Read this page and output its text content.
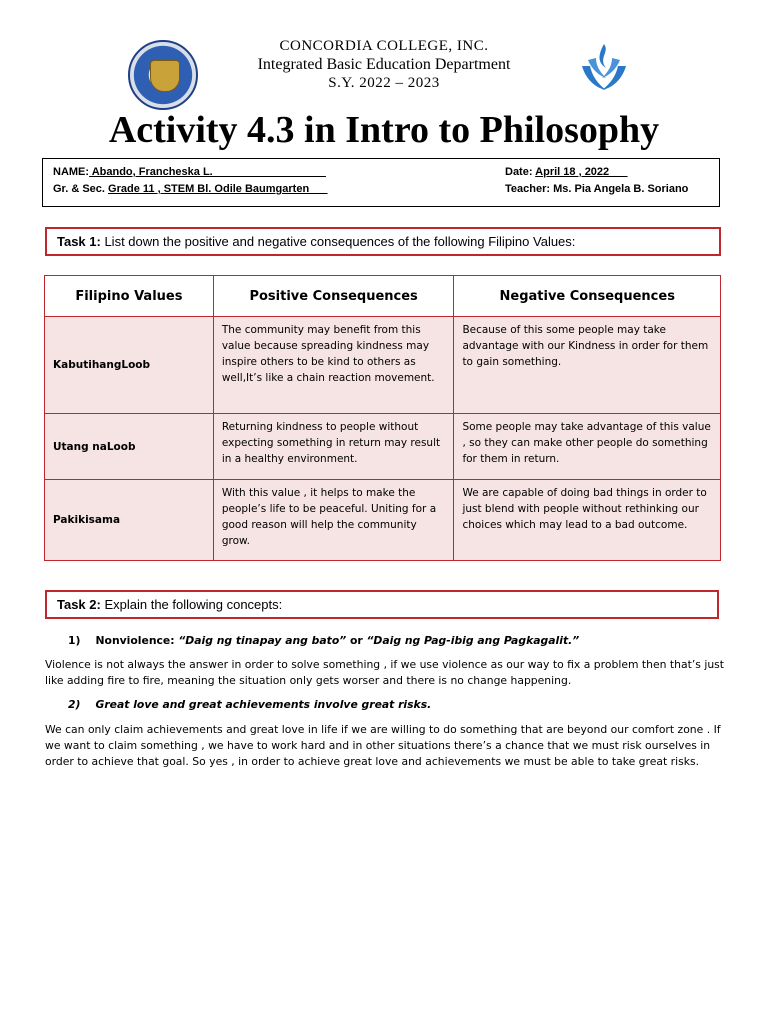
CONCORDIA COLLEGE, INC.
Integrated Basic Education Department
S.Y. 2022 – 2023
Activity 4.3 in Intro to Philosophy
NAME: Abando, Francheska L._ _________________	Date: April 18 , 2022___
Gr. & Sec. Grade 11 , STEM Bl. Odile Baumgarten___	Teacher: Ms. Pia Angela B. Soriano
Task 1: List down the positive and negative consequences of the following Filipino Values:
Filipino Values	Positive Consequences	Negative Consequences
KabutihangLoob	The community may benefit from this value because spreading kindness may inspire others to be kind to others as well,It’s like a chain reaction movement.	Because of this some people may take advantage with our Kindness in order for them to gain something.
Utang naLoob	Returning kindness to people without expecting something in return may result in a healthy environment.	Some people may take advantage of this value , so they can make other people do something for them in return.
Pakikisama	With this value , it helps to make the people’s life to be peaceful. Uniting for a good reason will help the community grow.	We are capable of doing bad things in order to just blend with people without rethinking our choices which may lead to a bad outcome.
Task 2: Explain the following concepts:
1) Nonviolence: “Daig ng tinapay ang bato” or “Daig ng Pag-ibig ang Pagkagalit.”
Violence is not always the answer in order to solve something , if we use violence as our way to fix a problem then that’s just like adding fire to fire, meaning the situation only gets worser and there is no change happening.
2) Great love and great achievements involve great risks.
We can only claim achievements and great love in life if we are willing to do something that are beyond our comfort zone . If we want to claim something , we have to work hard and in other situations there’s a chance that we must risk ourselves in order to achieve that goal. So yes , in order to achieve great love and achievements we must be able to take great risks.
